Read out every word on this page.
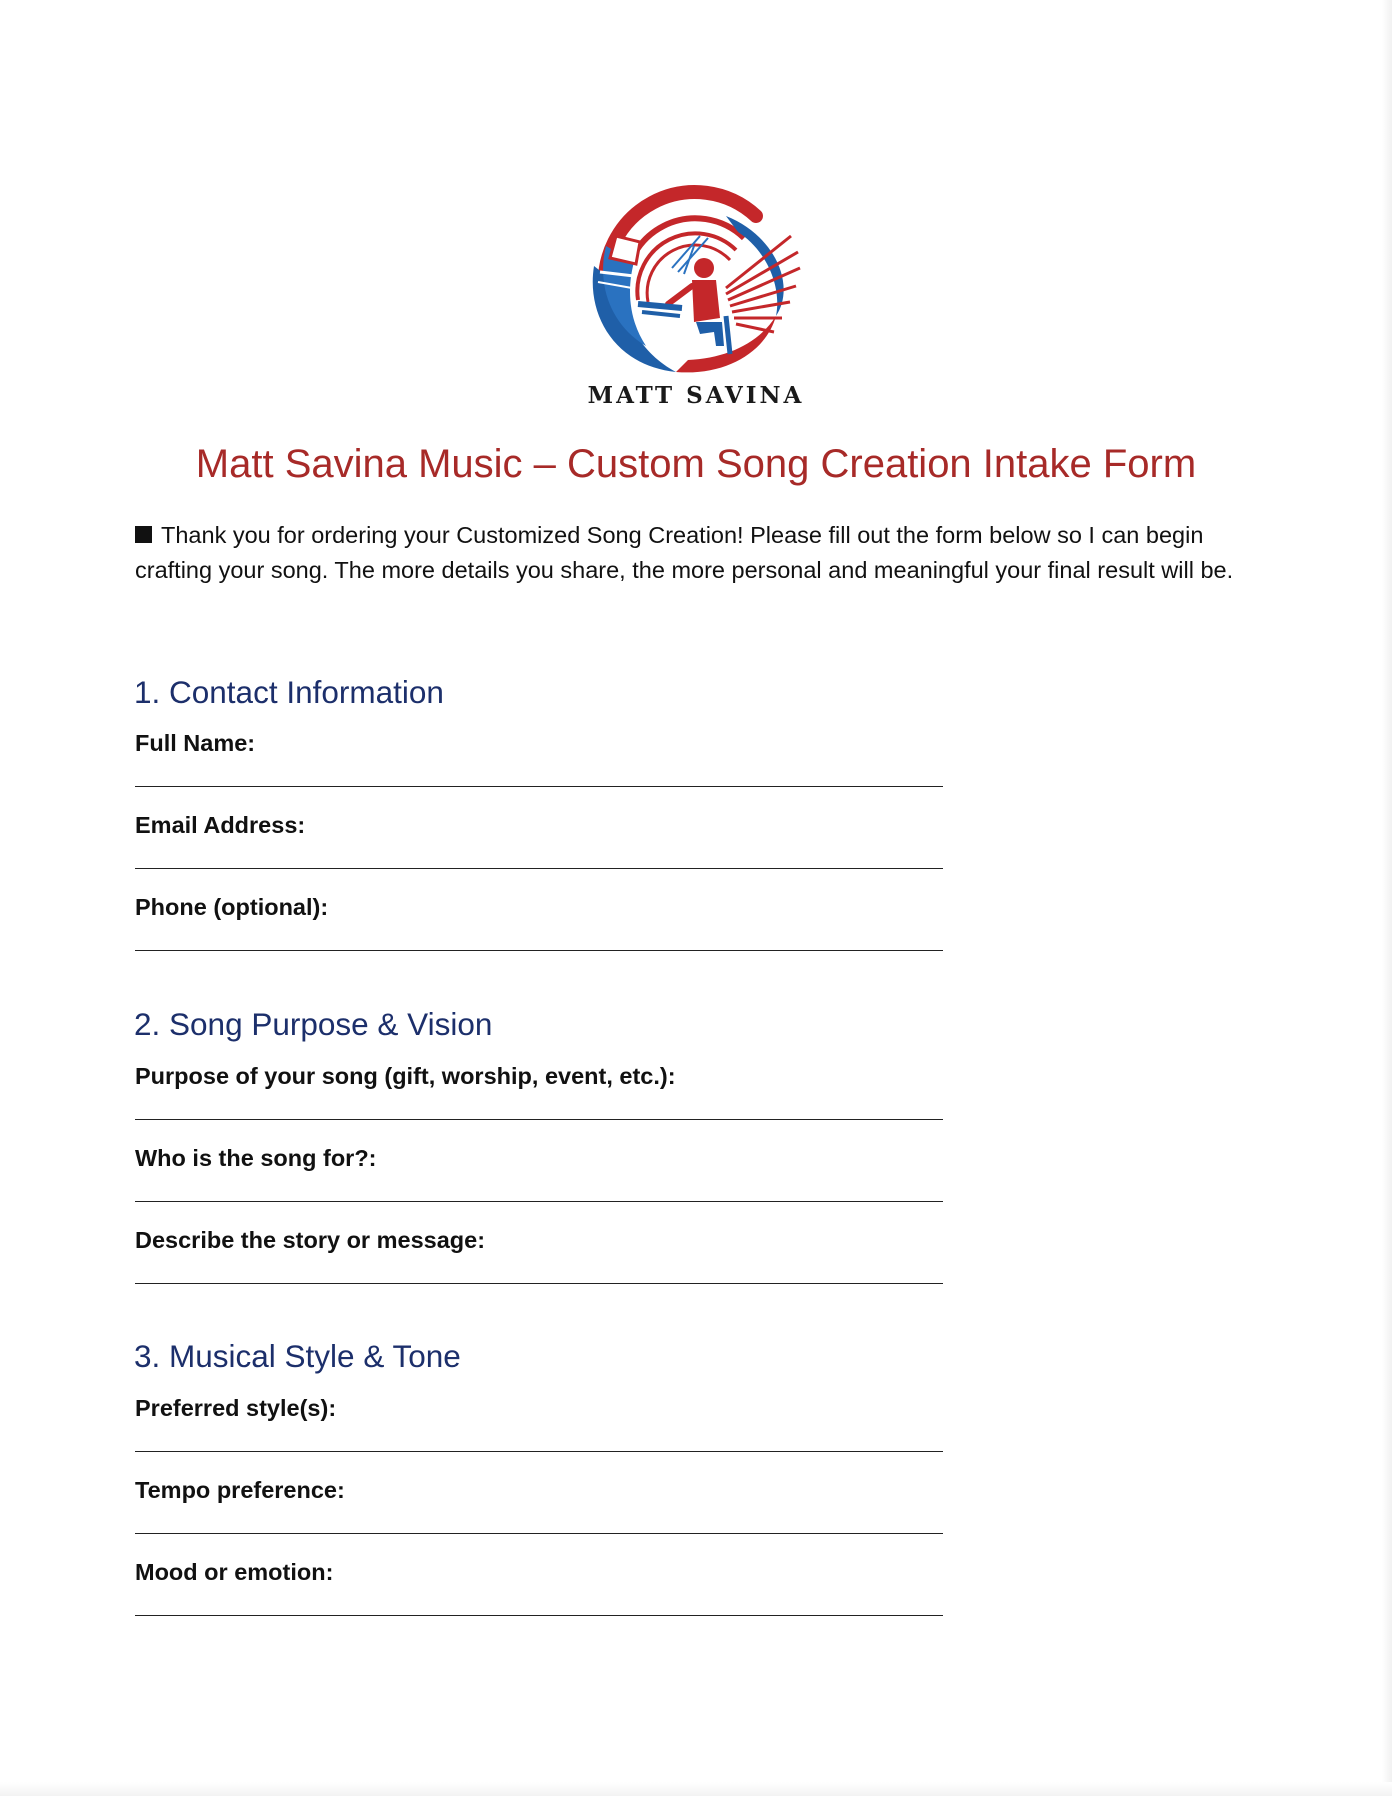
MATT SAVINA
Matt Savina Music – Custom Song Creation Intake Form

Thank you for ordering your Customized Song Creation! Please fill out the form below so I can begin crafting your song. The more details you share, the more personal and meaningful your final result will be.

1. Contact Information

Full Name:

Email Address:

Phone (optional):

2. Song Purpose & Vision

Purpose of your song (gift, worship, event, etc.):

Who is the song for?:

Describe the story or message:

3. Musical Style & Tone

Preferred style(s):

Tempo preference:

Mood or emotion:
